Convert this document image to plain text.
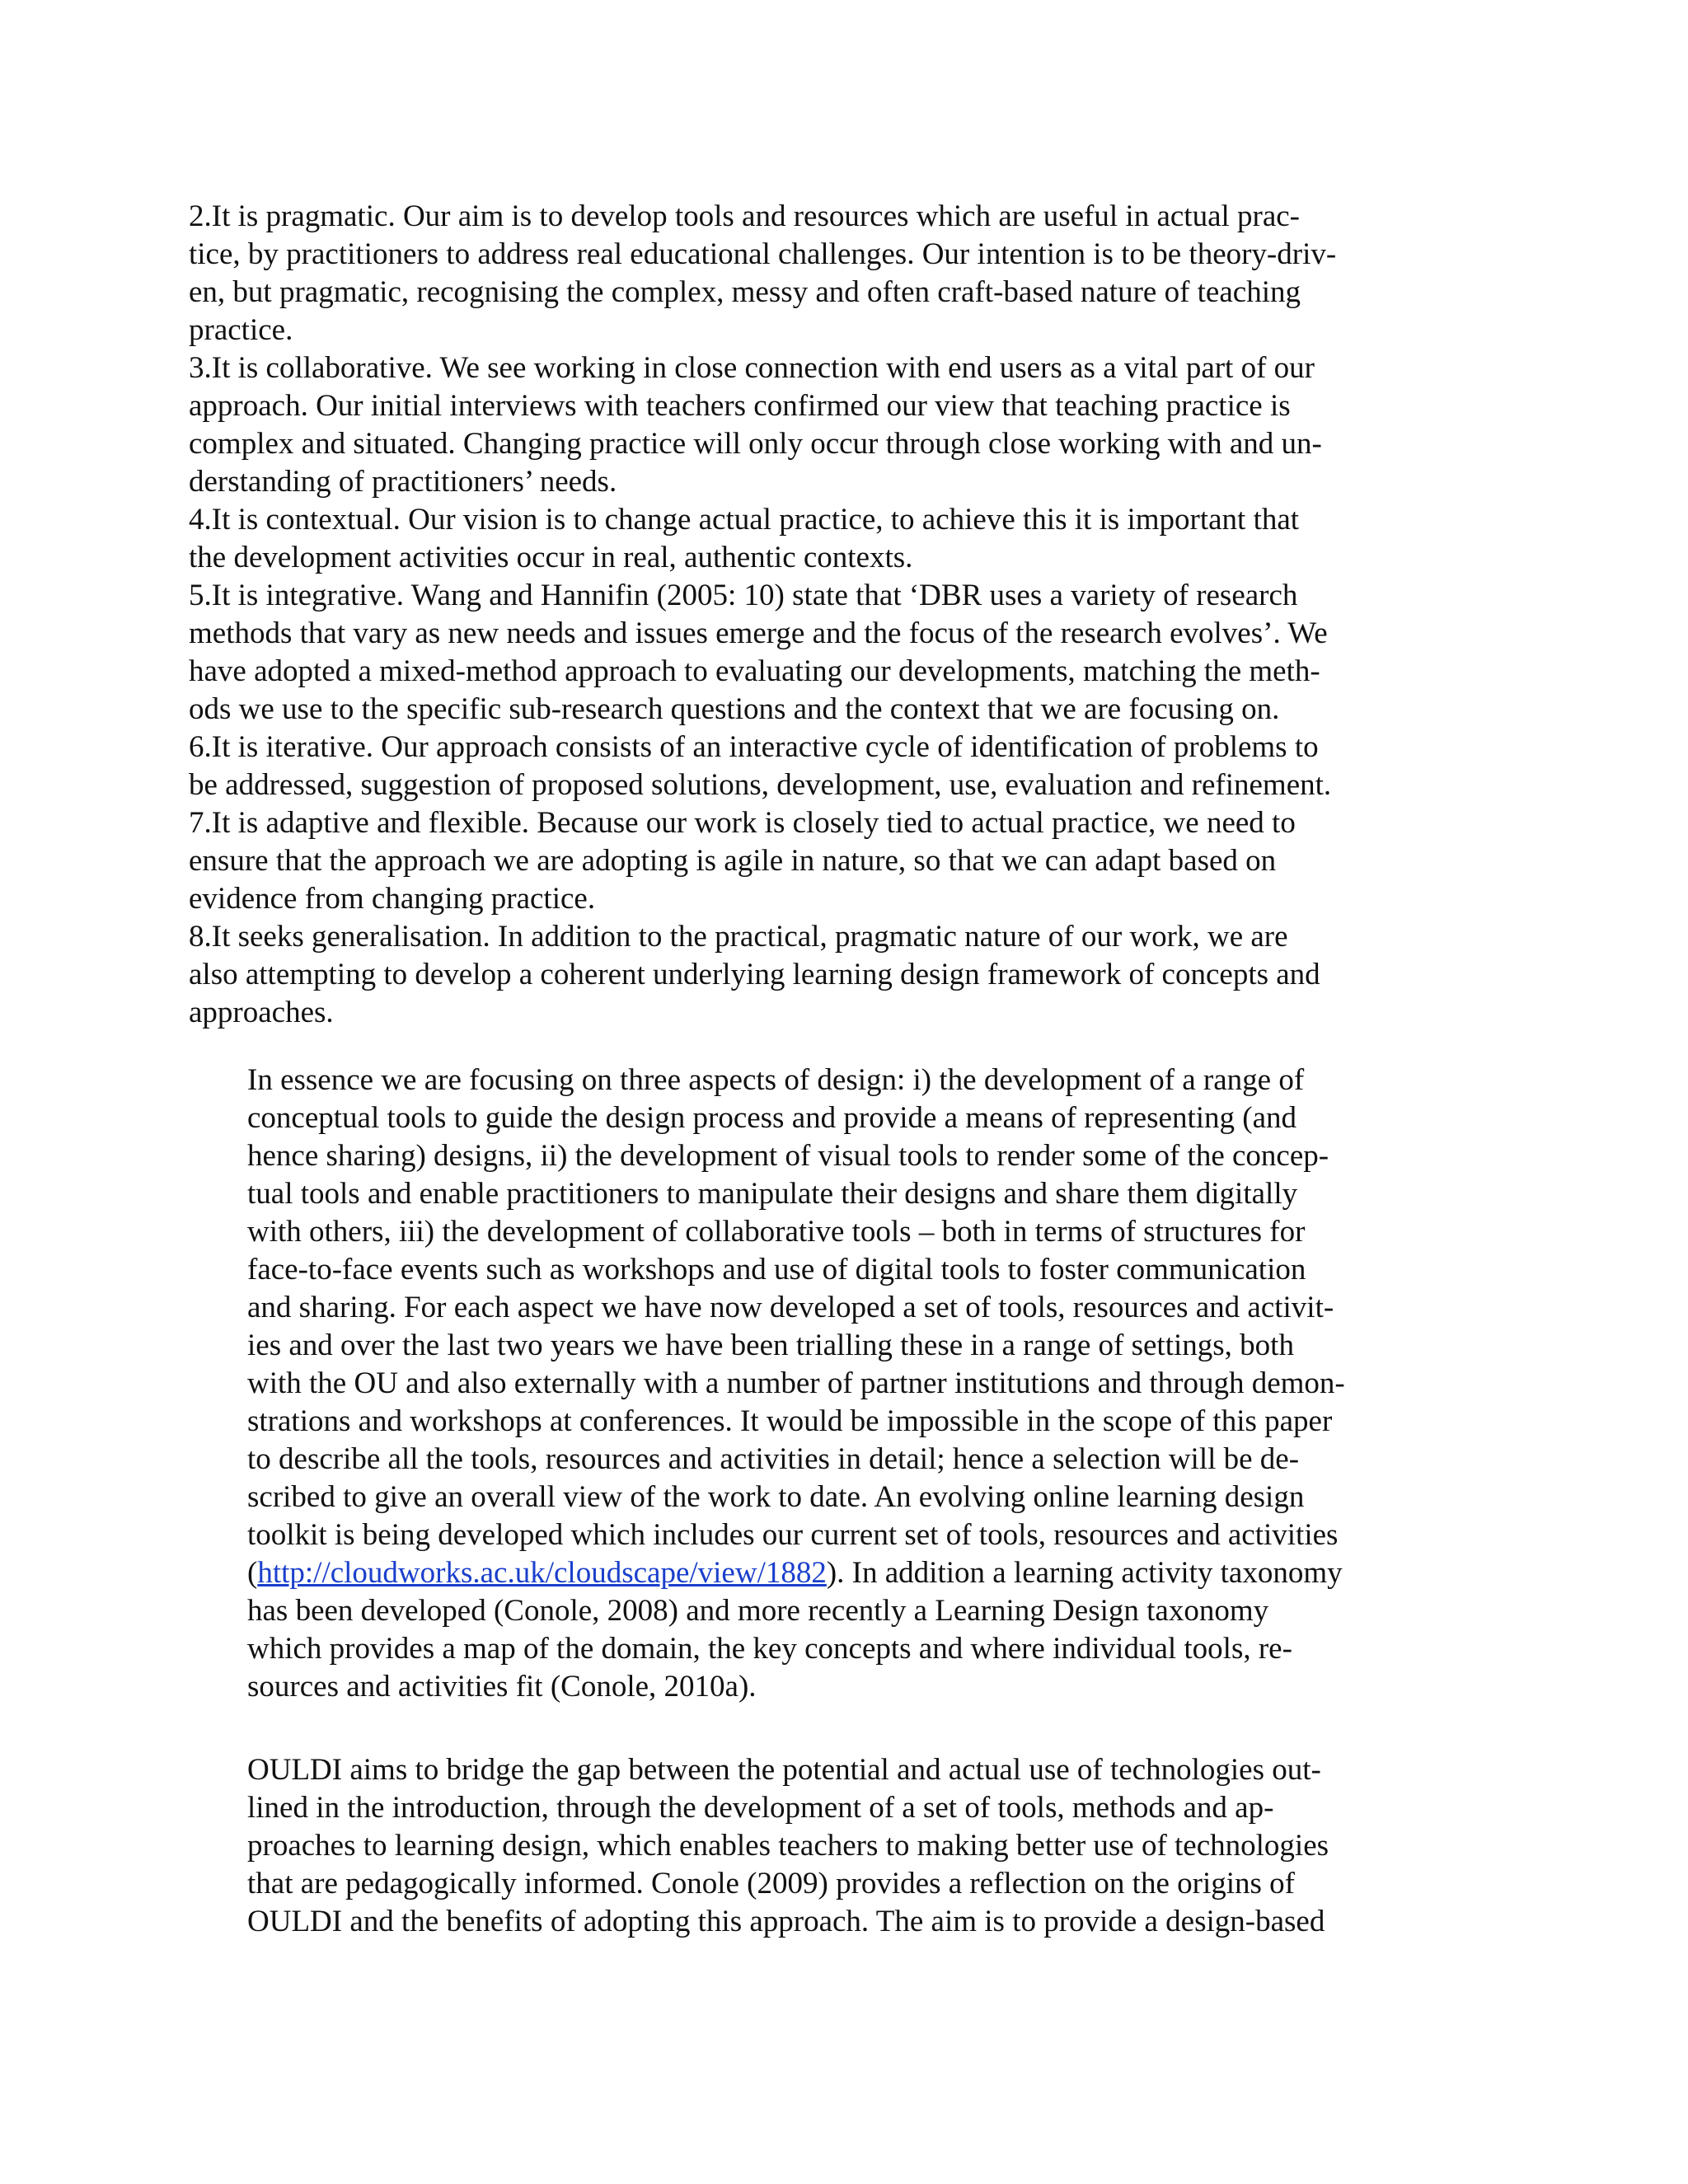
2.It is pragmatic. Our aim is to develop tools and resources which are useful in actual prac-
tice, by practitioners to address real educational challenges. Our intention is to be theory-driv-
en, but pragmatic, recognising the complex, messy and often craft-based nature of teaching
practice.
3.It is collaborative. We see working in close connection with end users as a vital part of our
approach. Our initial interviews with teachers confirmed our view that teaching practice is
complex and situated. Changing practice will only occur through close working with and un-
derstanding of practitioners’ needs.
4.It is contextual. Our vision is to change actual practice, to achieve this it is important that
the development activities occur in real, authentic contexts.
5.It is integrative. Wang and Hannifin (2005: 10) state that ‘DBR uses a variety of research
methods that vary as new needs and issues emerge and the focus of the research evolves’. We
have adopted a mixed-method approach to evaluating our developments, matching the meth-
ods we use to the specific sub-research questions and the context that we are focusing on.
6.It is iterative. Our approach consists of an interactive cycle of identification of problems to
be addressed, suggestion of proposed solutions, development, use, evaluation and refinement.
7.It is adaptive and flexible. Because our work is closely tied to actual practice, we need to
ensure that the approach we are adopting is agile in nature, so that we can adapt based on
evidence from changing practice.
8.It seeks generalisation. In addition to the practical, pragmatic nature of our work, we are
also attempting to develop a coherent underlying learning design framework of concepts and
approaches.
In essence we are focusing on three aspects of design: i) the development of a range of
conceptual tools to guide the design process and provide a means of representing (and
hence sharing) designs, ii) the development of visual tools to render some of the concep-
tual tools and enable practitioners to manipulate their designs and share them digitally
with others, iii) the development of collaborative tools – both in terms of structures for
face-to-face events such as workshops and use of digital tools to foster communication
and sharing. For each aspect we have now developed a set of tools, resources and activit-
ies and over the last two years we have been trialling these in a range of settings, both
with the OU and also externally with a number of partner institutions and through demon-
strations and workshops at conferences. It would be impossible in the scope of this paper
to describe all the tools, resources and activities in detail; hence a selection will be de-
scribed to give an overall view of the work to date. An evolving online learning design
toolkit is being developed which includes our current set of tools, resources and activities
(http://cloudworks.ac.uk/cloudscape/view/1882). In addition a learning activity taxonomy
has been developed (Conole, 2008) and more recently a Learning Design taxonomy
which provides a map of the domain, the key concepts and where individual tools, re-
sources and activities fit (Conole, 2010a).
OULDI aims to bridge the gap between the potential and actual use of technologies out-
lined in the introduction, through the development of a set of tools, methods and ap-
proaches to learning design, which enables teachers to making better use of technologies
that are pedagogically informed. Conole (2009) provides a reflection on the origins of
OULDI and the benefits of adopting this approach. The aim is to provide a design-based
